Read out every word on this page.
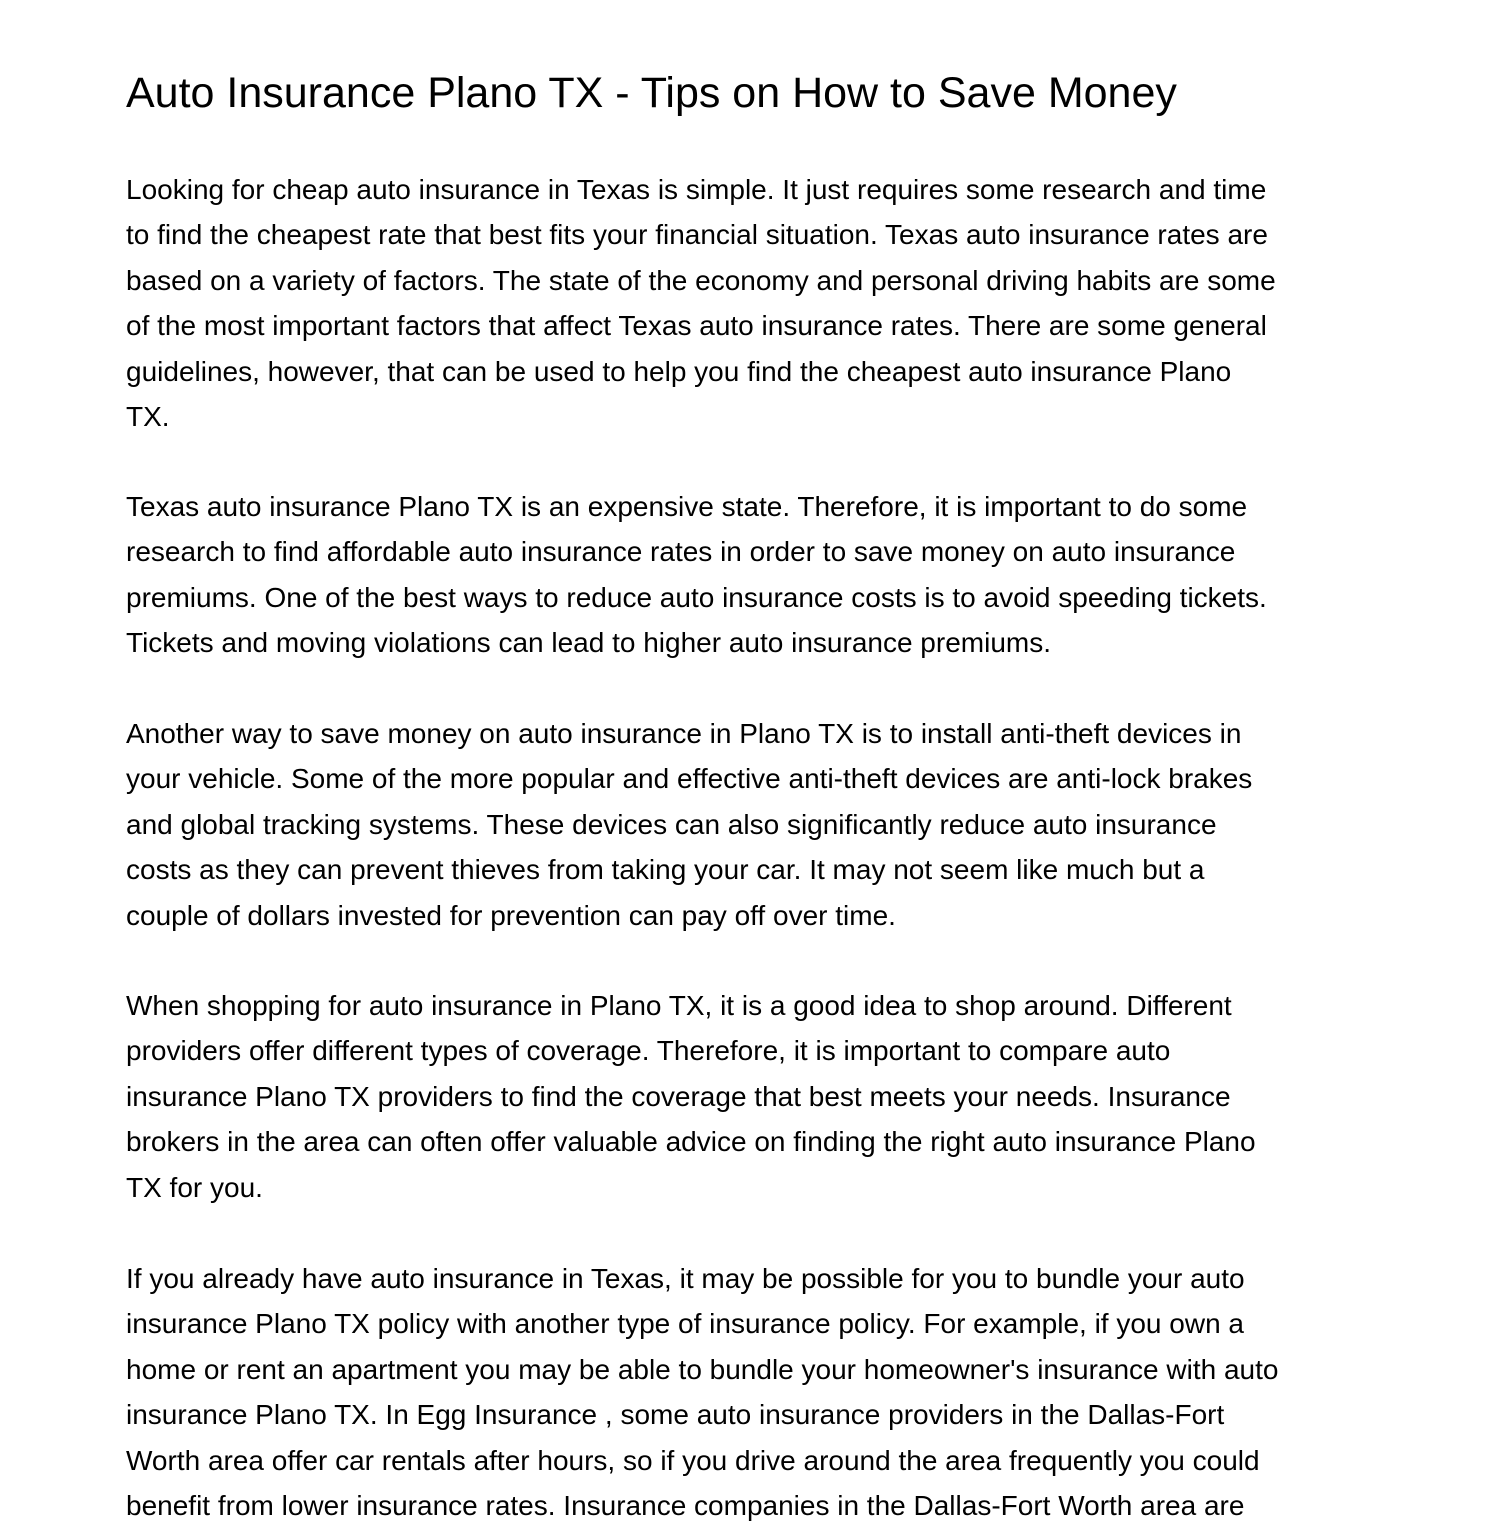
Auto Insurance Plano TX - Tips on How to Save Money

Looking for cheap auto insurance in Texas is simple. It just requires some research and time
to find the cheapest rate that best fits your financial situation. Texas auto insurance rates are
based on a variety of factors. The state of the economy and personal driving habits are some
of the most important factors that affect Texas auto insurance rates. There are some general
guidelines, however, that can be used to help you find the cheapest auto insurance Plano
TX.

Texas auto insurance Plano TX is an expensive state. Therefore, it is important to do some
research to find affordable auto insurance rates in order to save money on auto insurance
premiums. One of the best ways to reduce auto insurance costs is to avoid speeding tickets.
Tickets and moving violations can lead to higher auto insurance premiums.

Another way to save money on auto insurance in Plano TX is to install anti-theft devices in
your vehicle. Some of the more popular and effective anti-theft devices are anti-lock brakes
and global tracking systems. These devices can also significantly reduce auto insurance
costs as they can prevent thieves from taking your car. It may not seem like much but a
couple of dollars invested for prevention can pay off over time.

When shopping for auto insurance in Plano TX, it is a good idea to shop around. Different
providers offer different types of coverage. Therefore, it is important to compare auto
insurance Plano TX providers to find the coverage that best meets your needs. Insurance
brokers in the area can often offer valuable advice on finding the right auto insurance Plano
TX for you.

If you already have auto insurance in Texas, it may be possible for you to bundle your auto
insurance Plano TX policy with another type of insurance policy. For example, if you own a
home or rent an apartment you may be able to bundle your homeowner's insurance with auto
insurance Plano TX. In Egg Insurance , some auto insurance providers in the Dallas-Fort
Worth area offer car rentals after hours, so if you drive around the area frequently you could
benefit from lower insurance rates. Insurance companies in the Dallas-Fort Worth area are
